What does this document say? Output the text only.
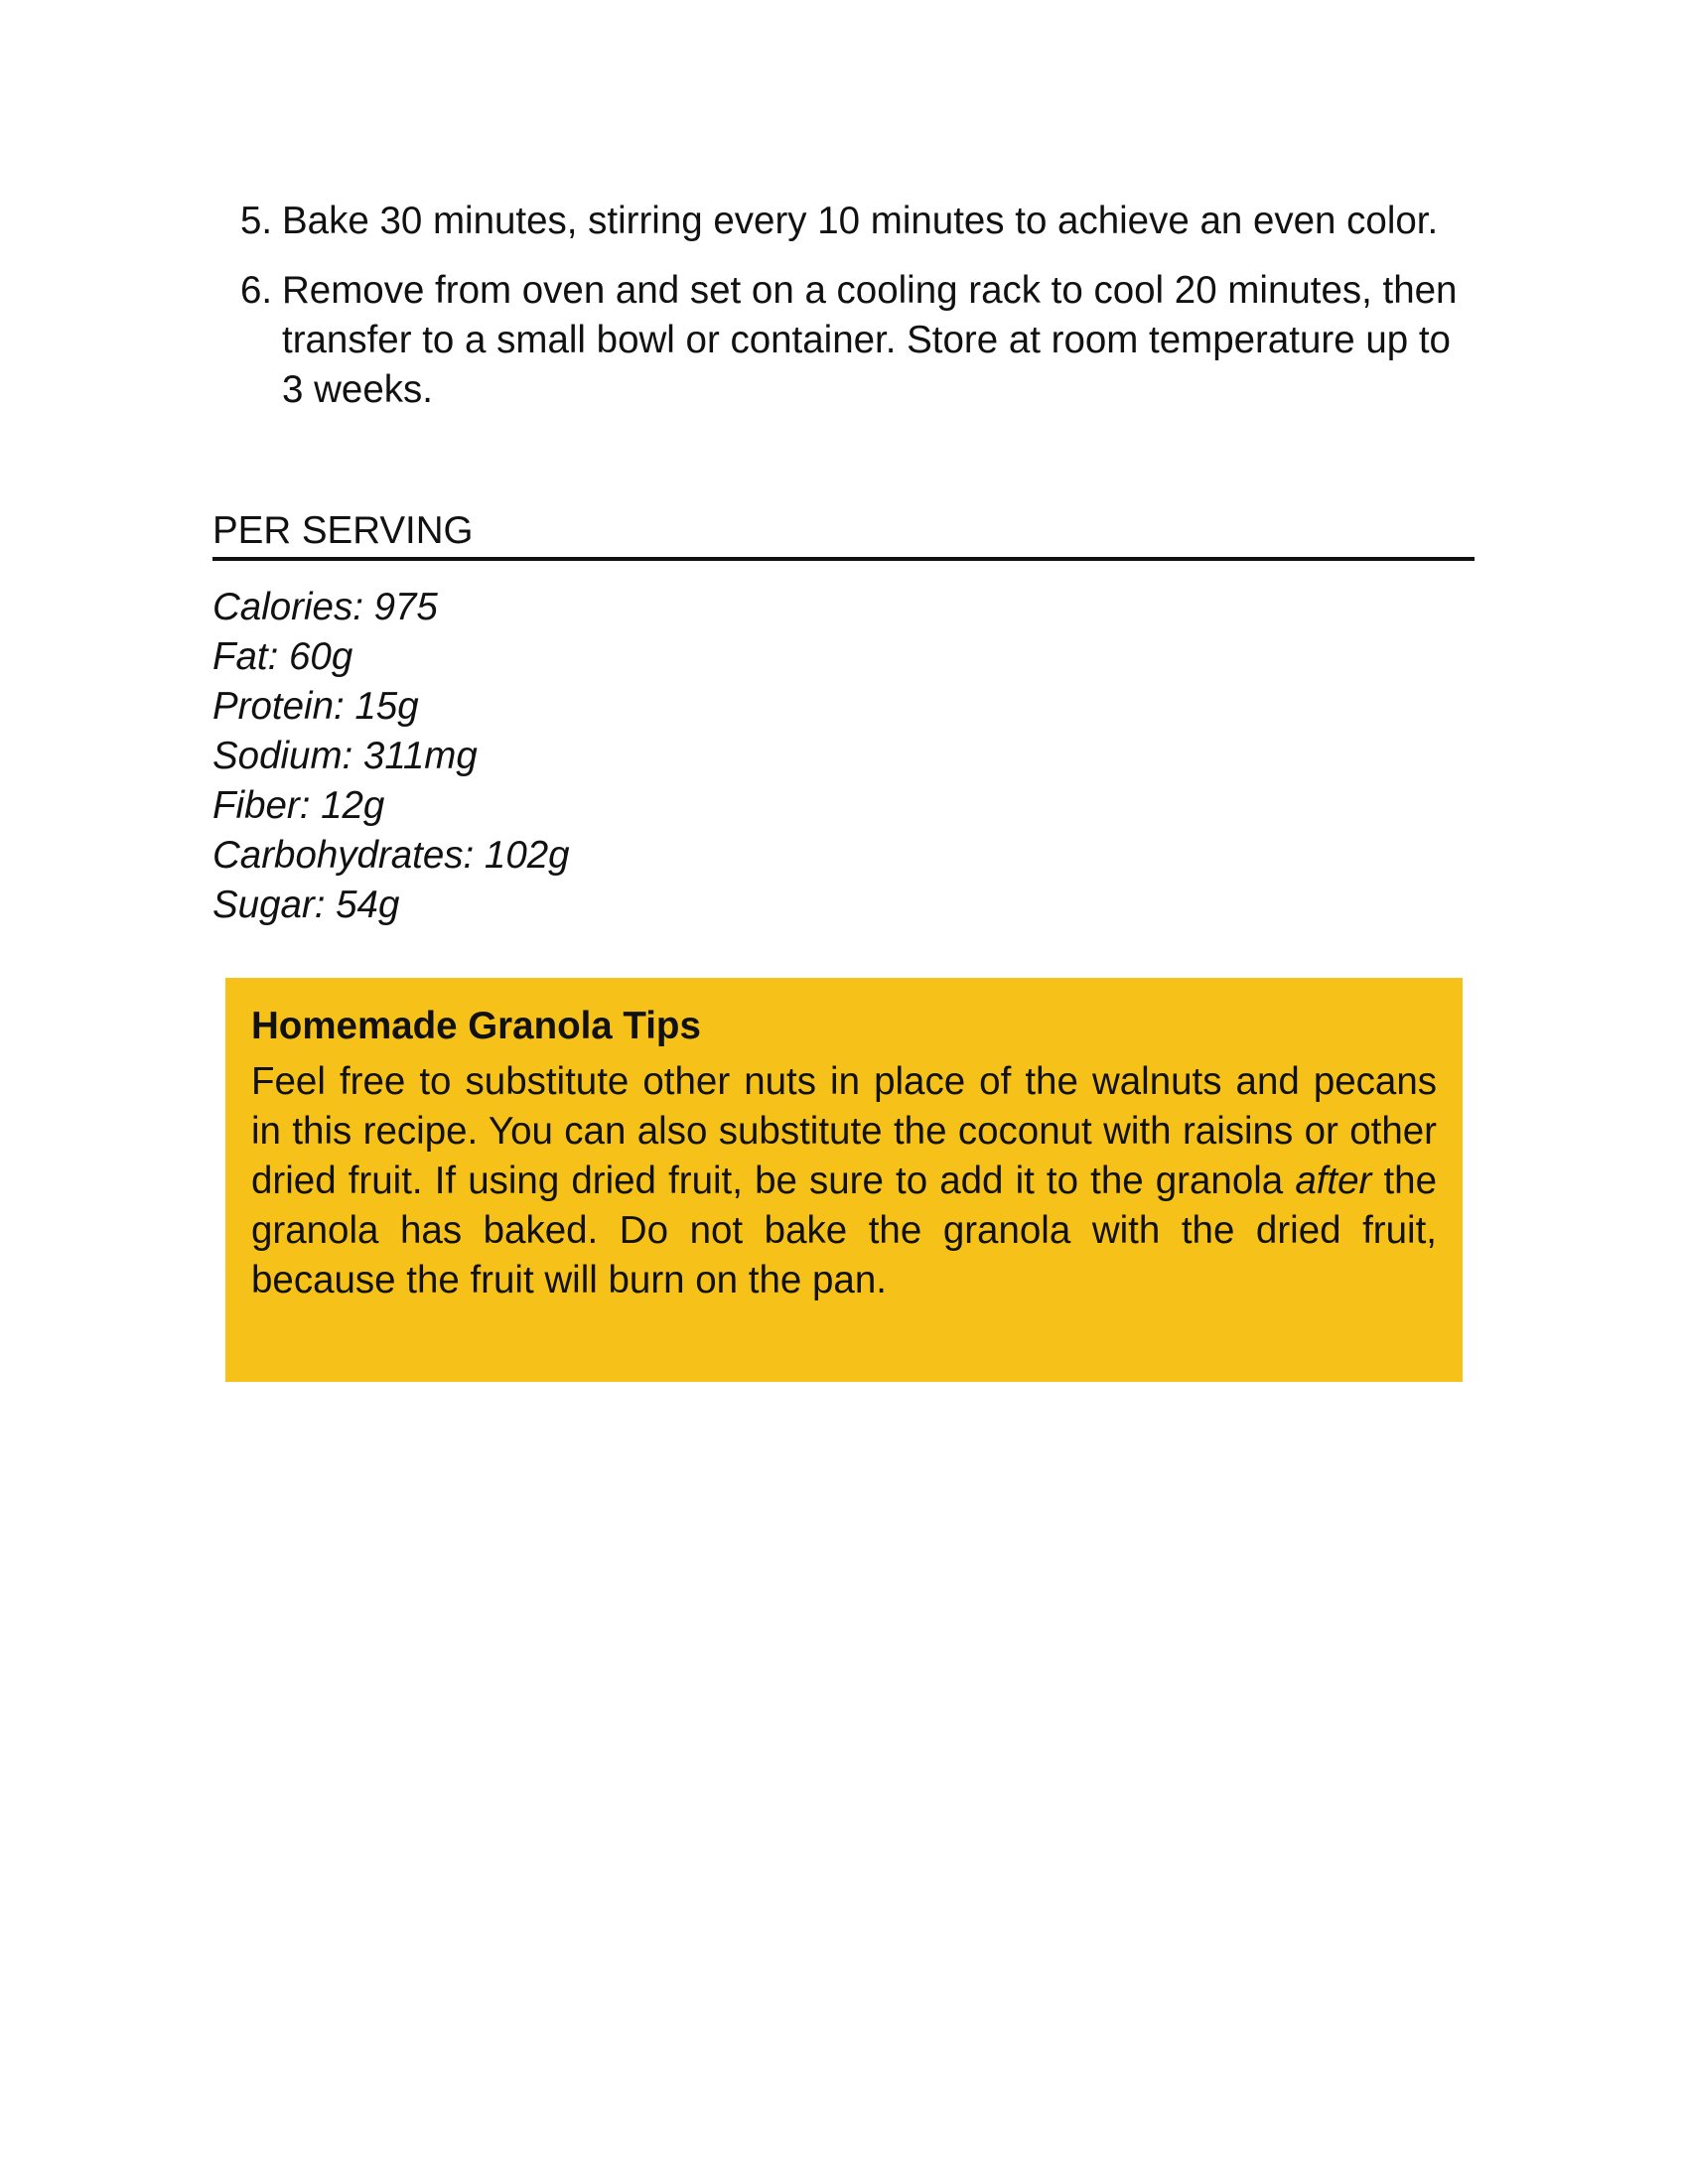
5. Bake 30 minutes, stirring every 10 minutes to achieve an even color.
6. Remove from oven and set on a cooling rack to cool 20 minutes, then transfer to a small bowl or container. Store at room temperature up to 3 weeks.
PER SERVING
Calories: 975
Fat: 60g
Protein: 15g
Sodium: 311mg
Fiber: 12g
Carbohydrates: 102g
Sugar: 54g
Homemade Granola Tips
Feel free to substitute other nuts in place of the walnuts and pecans in this recipe. You can also substitute the coconut with raisins or other dried fruit. If using dried fruit, be sure to add it to the granola after the granola has baked. Do not bake the granola with the dried fruit, because the fruit will burn on the pan.
